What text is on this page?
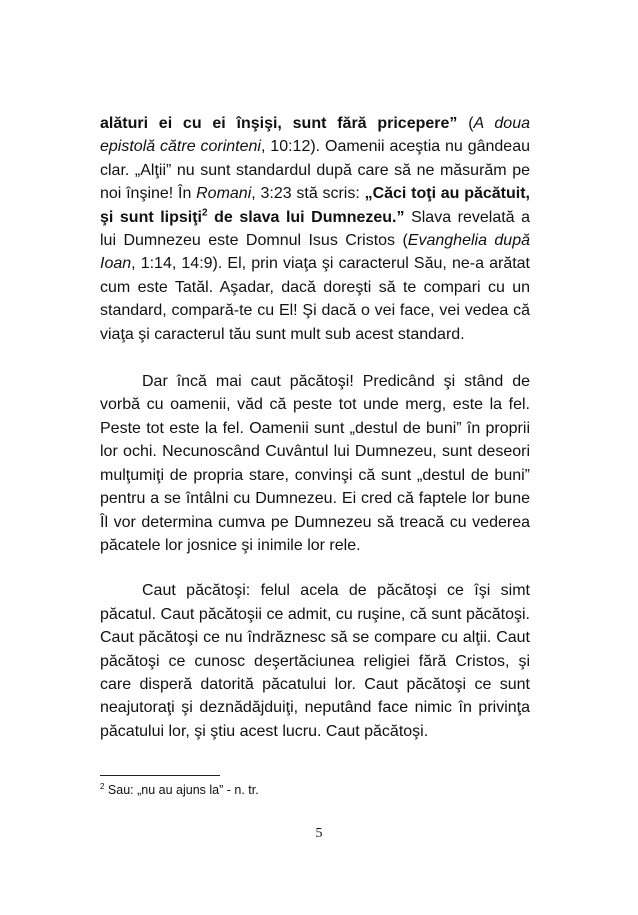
alături ei cu ei înşişi, sunt fără pricepere” (A doua epistolă către corinteni, 10:12). Oamenii aceştia nu gândeau clar. „Alţii” nu sunt standardul după care să ne măsurăm pe noi înşine! În Romani, 3:23 stă scris: „Căci toţi au păcătuit, şi sunt lipsiţi$^2$ de slava lui Dumnezeu.” Slava revelată a lui Dumnezeu este Domnul Isus Cristos (Evanghelia după Ioan, 1:14, 14:9). El, prin viaţa şi caracterul Său, ne-a arătat cum este Tatăl. Aşadar, dacă doreşti să te compari cu un standard, compară-te cu El! Şi dacă o vei face, vei vedea că viaţa şi caracterul tău sunt mult sub acest standard.

Dar încă mai caut păcătoşi! Predicând şi stând de vorbă cu oamenii, văd că peste tot unde merg, este la fel. Peste tot este la fel. Oamenii sunt „destul de buni” în proprii lor ochi. Necunoscând Cuvântul lui Dumnezeu, sunt deseori mulţumiţi de propria stare, convinşi că sunt „destul de buni” pentru a se întâlni cu Dumnezeu. Ei cred că faptele lor bune Îl vor determina cumva pe Dumnezeu să treacă cu vederea păcatele lor josnice şi inimile lor rele.

Caut păcătoşi: felul acela de păcătoşi ce îşi simt păcatul. Caut păcătoşii ce admit, cu ruşine, că sunt păcătoşi. Caut păcătoşi ce nu îndrăznesc să se compare cu alţii. Caut păcătoşi ce cunosc deşertăciunea religiei fără Cristos, şi care disperă datorită păcatului lor. Caut păcătoşi ce sunt neajutoraţi şi deznădăjduiţi, neputând face nimic în privinţa păcatului lor, şi ştiu acest lucru. Caut păcătoşi.

$^2$ Sau: „nu au ajuns la” - n. tr.
5
